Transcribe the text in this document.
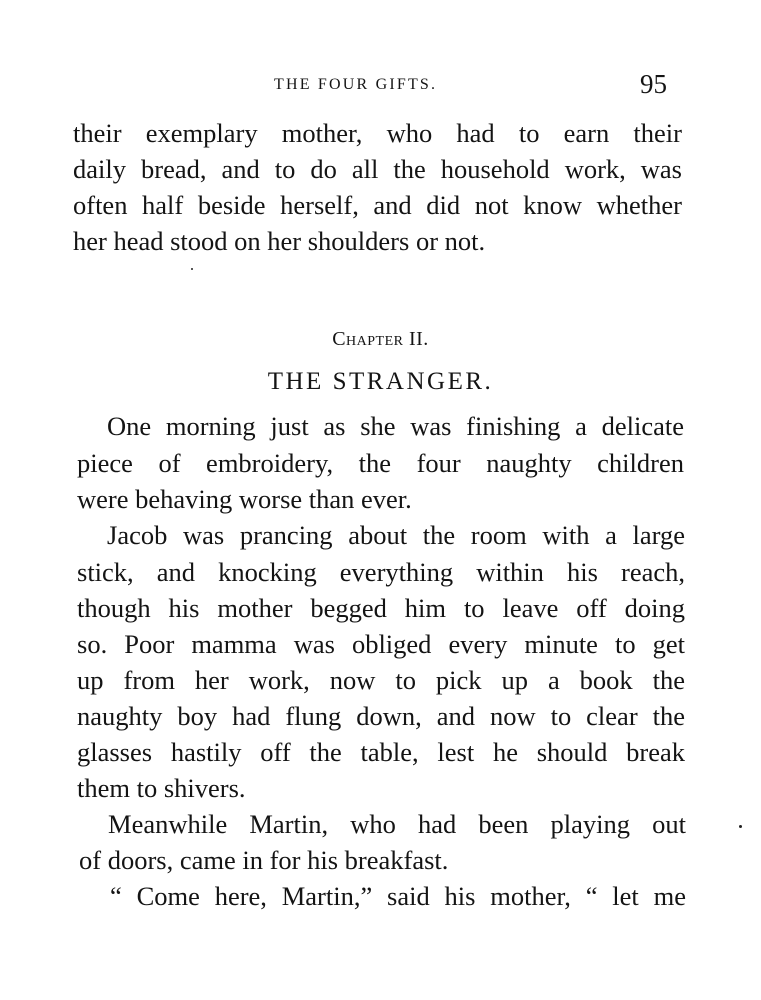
THE FOUR GIFTS.	95
their exemplary mother, who had to earn their
daily bread, and to do all the household work, was
often half beside herself, and did not know whether
her head stood on her shoulders or not.
Chapter II.
THE STRANGER.
One morning just as she was finishing a delicate
piece of embroidery, the four naughty children
were behaving worse than ever.
Jacob was prancing about the room with a large
stick, and knocking everything within his reach,
though his mother begged him to leave off doing
so. Poor mamma was obliged every minute to get
up from her work, now to pick up a book the
naughty boy had flung down, and now to clear the
glasses hastily off the table, lest he should break
them to shivers.
Meanwhile Martin, who had been playing out
of doors, came in for his breakfast.
“ Come here, Martin,” said his mother, “ let me
